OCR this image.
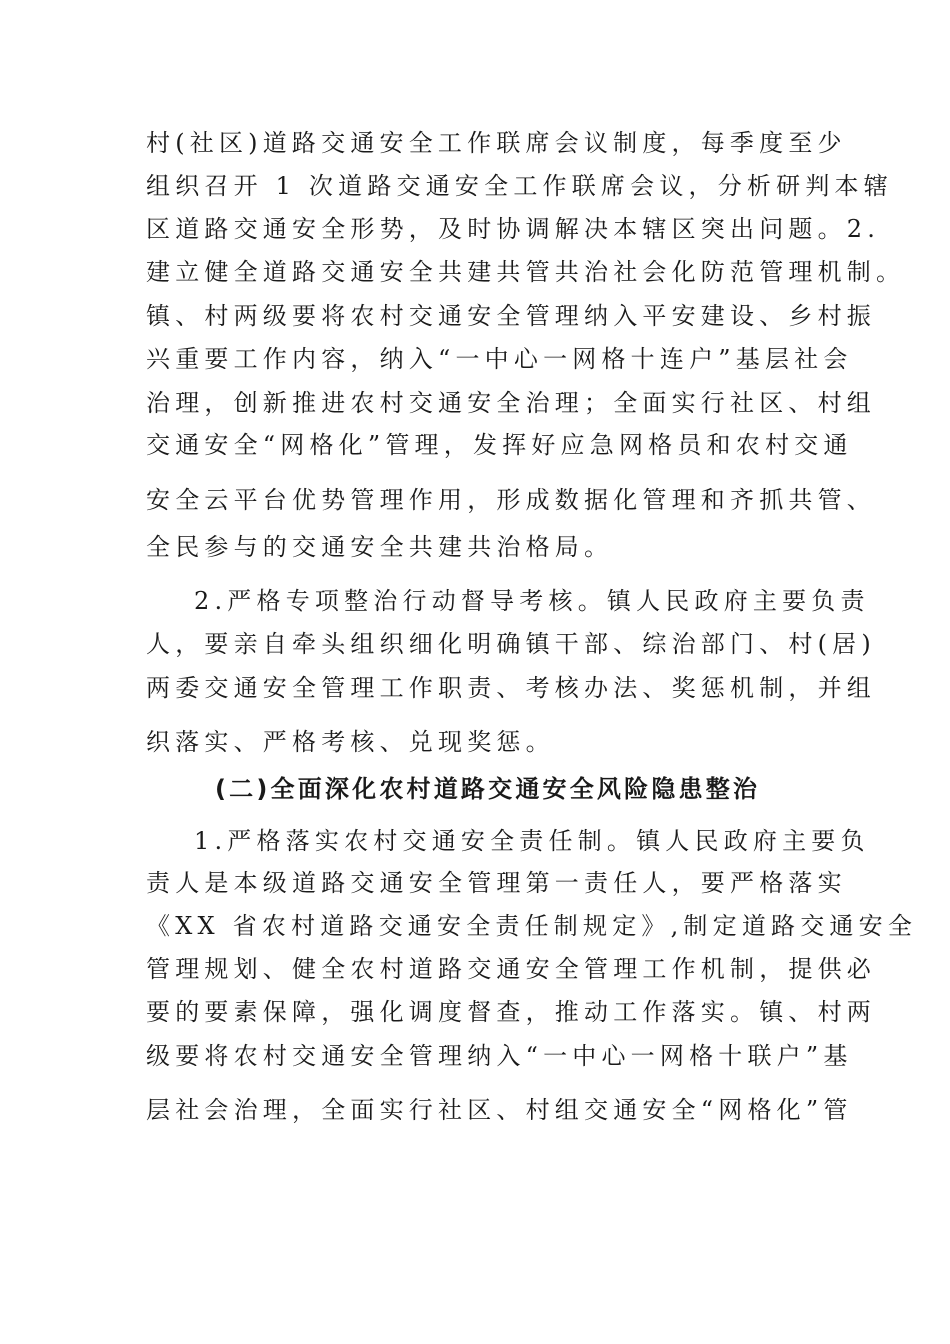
村(社区)道路交通安全工作联席会议制度，每季度至少
组织召开 1 次道路交通安全工作联席会议，分析研判本辖
区道路交通安全形势，及时协调解决本辖区突出问题。2.
建立健全道路交通安全共建共管共治社会化防范管理机制。
镇、村两级要将农村交通安全管理纳入平安建设、乡村振
兴重要工作内容，纳入“一中心一网格十连户”基层社会
治理，创新推进农村交通安全治理；全面实行社区、村组
交通安全“网格化”管理，发挥好应急网格员和农村交通
安全云平台优势管理作用，形成数据化管理和齐抓共管、
全民参与的交通安全共建共治格局。
2.严格专项整治行动督导考核。镇人民政府主要负责
人，要亲自牵头组织细化明确镇干部、综治部门、村(居)
两委交通安全管理工作职责、考核办法、奖惩机制，并组
织落实、严格考核、兑现奖惩。
(二)全面深化农村道路交通安全风险隐患整治
1.严格落实农村交通安全责任制。镇人民政府主要负
责人是本级道路交通安全管理第一责任人，要严格落实
《XX 省农村道路交通安全责任制规定》,制定道路交通安全
管理规划、健全农村道路交通安全管理工作机制，提供必
要的要素保障，强化调度督查，推动工作落实。镇、村两
级要将农村交通安全管理纳入“一中心一网格十联户”基
层社会治理，全面实行社区、村组交通安全“网格化”管
